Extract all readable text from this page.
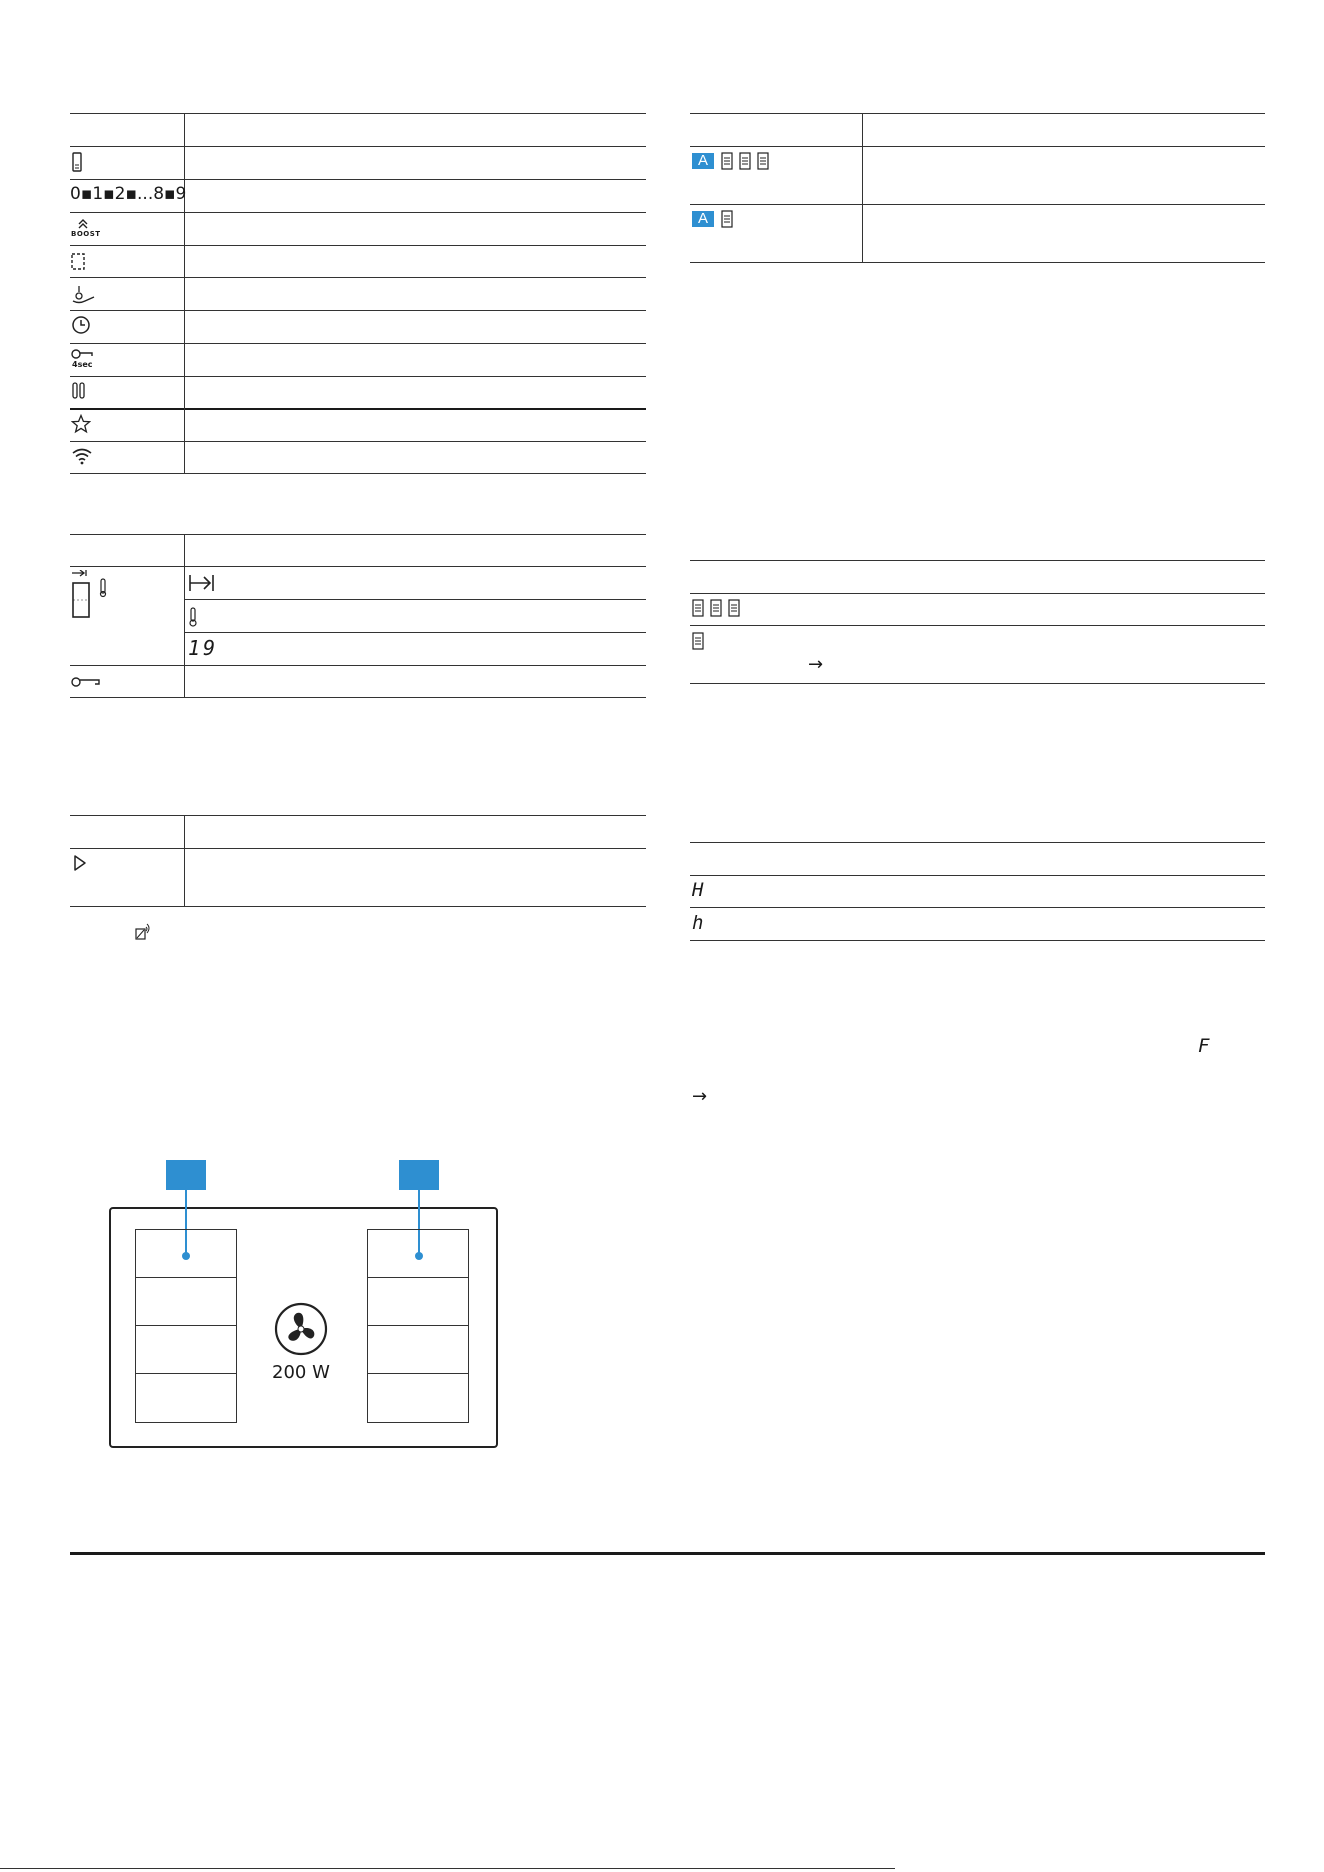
0▪1▪2▪...8▪9
BOOST
4sec
19
200 W
A
A
→
H
h
F
→
